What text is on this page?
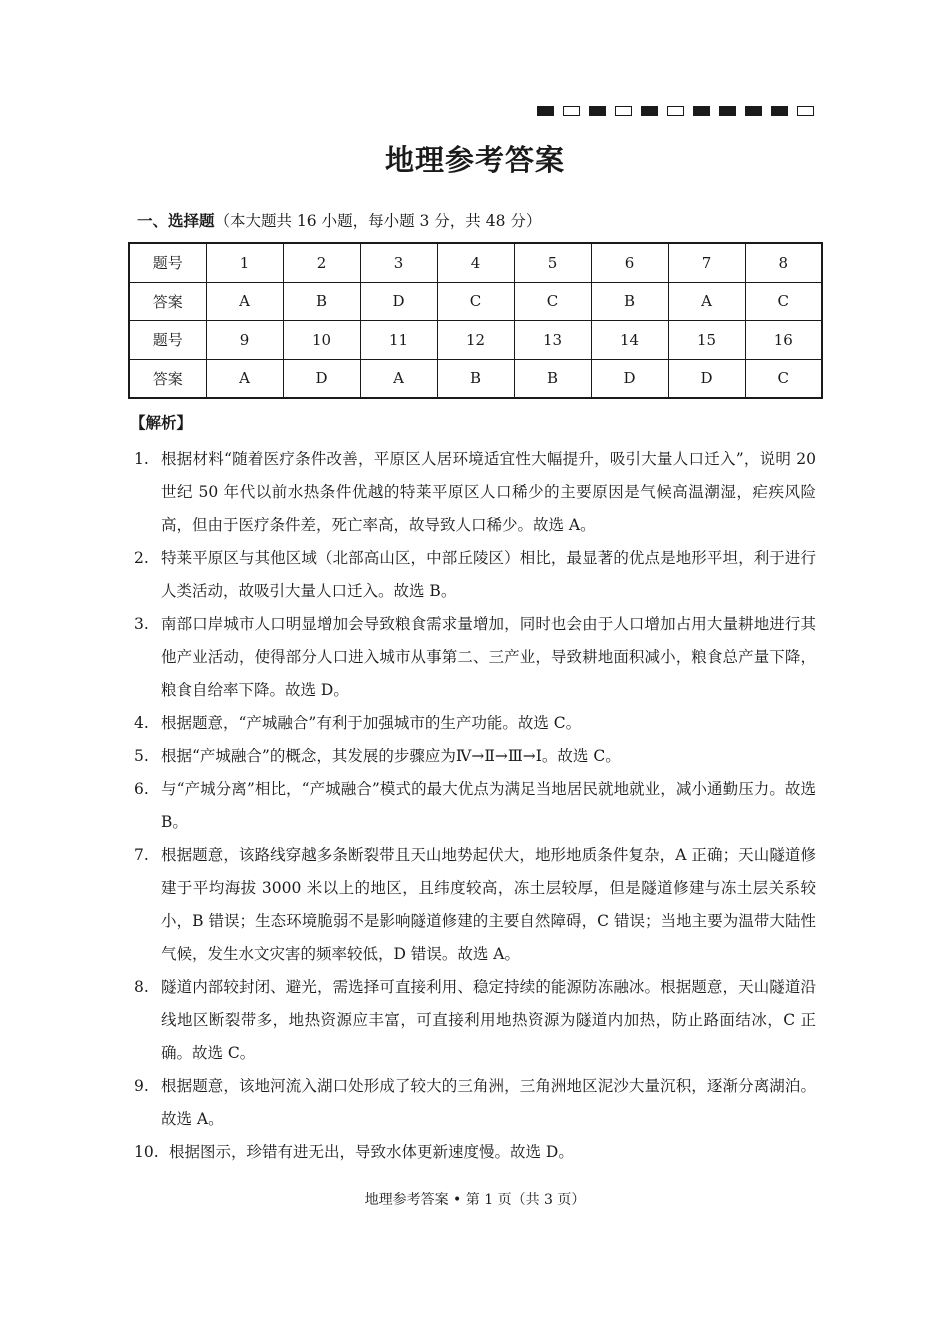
地理参考答案
一、选择题（本大题共 16 小题，每小题 3 分，共 48 分）
题号	1	2	3	4	5	6	7	8
答案	A	B	D	C	C	B	A	C
题号	9	10	11	12	13	14	15	16
答案	A	D	A	B	B	D	D	C
【解析】
1. 根据材料“随着医疗条件改善，平原区人居环境适宜性大幅提升，吸引大量人口迁入”，说明 20 世纪 50 年代以前水热条件优越的特莱平原区人口稀少的主要原因是气候高温潮湿，疟疾风险高，但由于医疗条件差，死亡率高，故导致人口稀少。故选 A。
2. 特莱平原区与其他区域（北部高山区，中部丘陵区）相比，最显著的优点是地形平坦，利于进行人类活动，故吸引大量人口迁入。故选 B。
3. 南部口岸城市人口明显增加会导致粮食需求量增加，同时也会由于人口增加占用大量耕地进行其他产业活动，使得部分人口进入城市从事第二、三产业，导致耕地面积减小，粮食总产量下降，粮食自给率下降。故选 D。
4. 根据题意，“产城融合”有利于加强城市的生产功能。故选 C。
5. 根据“产城融合”的概念，其发展的步骤应为Ⅳ→Ⅱ→Ⅲ→Ⅰ。故选 C。
6. 与“产城分离”相比，“产城融合”模式的最大优点为满足当地居民就地就业，减小通勤压力。故选 B。
7. 根据题意，该路线穿越多条断裂带且天山地势起伏大，地形地质条件复杂，A 正确；天山隧道修建于平均海拔 3000 米以上的地区，且纬度较高，冻土层较厚，但是隧道修建与冻土层关系较小，B 错误；生态环境脆弱不是影响隧道修建的主要自然障碍，C 错误；当地主要为温带大陆性气候，发生水文灾害的频率较低，D 错误。故选 A。
8. 隧道内部较封闭、避光，需选择可直接利用、稳定持续的能源防冻融冰。根据题意，天山隧道沿线地区断裂带多，地热资源应丰富，可直接利用地热资源为隧道内加热，防止路面结冰，C 正确。故选 C。
9. 根据题意，该地河流入湖口处形成了较大的三角洲，三角洲地区泥沙大量沉积，逐渐分离湖泊。故选 A。
10. 根据图示，珍错有进无出，导致水体更新速度慢。故选 D。
地理参考答案 • 第 1 页（共 3 页）
